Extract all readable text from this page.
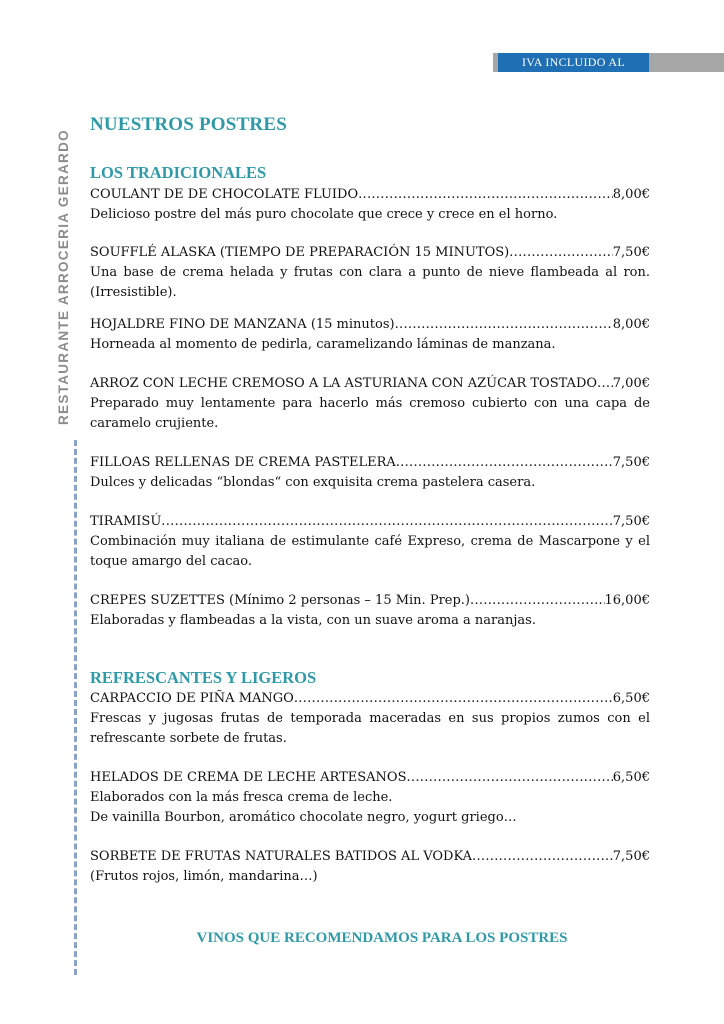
IVA INCLUIDO AL
RESTAURANTE ARROCERIA GERARDO
NUESTROS POSTRES
LOS TRADICIONALES
COULANT DE DE CHOCOLATE FLUIDO .....	8,00€
Delicioso postre del más puro chocolate que crece y crece en el horno.
SOUFFLÉ ALASKA (TIEMPO DE PREPARACIÓN 15 MINUTOS) .....	7,50€
Una base de crema helada y frutas con clara a punto de nieve flambeada al ron. (Irresistible).
HOJALDRE FINO DE MANZANA (15 minutos) .....	8,00€
Horneada al momento de pedirla, caramelizando láminas de manzana.
ARROZ CON LECHE CREMOSO A LA ASTURIANA CON AZÚCAR TOSTADO ..... 7,00€
Preparado muy lentamente para hacerlo más cremoso cubierto con una capa de caramelo crujiente.
FILLOAS RELLENAS DE CREMA PASTELERA .....	7,50€
Dulces y delicadas “blondas“ con exquisita crema pastelera casera.
TIRAMISÚ .....	7,50€
Combinación muy italiana de estimulante café Expreso, crema de Mascarpone y el toque amargo del cacao.
CREPES SUZETTES (Mínimo 2 personas – 15 Min. Prep.) .....	16,00€
Elaboradas y flambeadas a la vista, con un suave aroma a naranjas.
REFRESCANTES Y LIGEROS
CARPACCIO DE PIÑA MANGO .....	6,50€
Frescas y jugosas frutas de temporada maceradas en sus propios zumos con el refrescante sorbete de frutas.
HELADOS DE CREMA DE LECHE ARTESANOS .....	6,50€
Elaborados con la más fresca crema de leche.
De vainilla Bourbon, aromático chocolate negro, yogurt griego…
SORBETE DE FRUTAS NATURALES BATIDOS AL VODKA .....	7,50€
(Frutos rojos, limón, mandarina…)
VINOS QUE RECOMENDAMOS PARA LOS POSTRES
